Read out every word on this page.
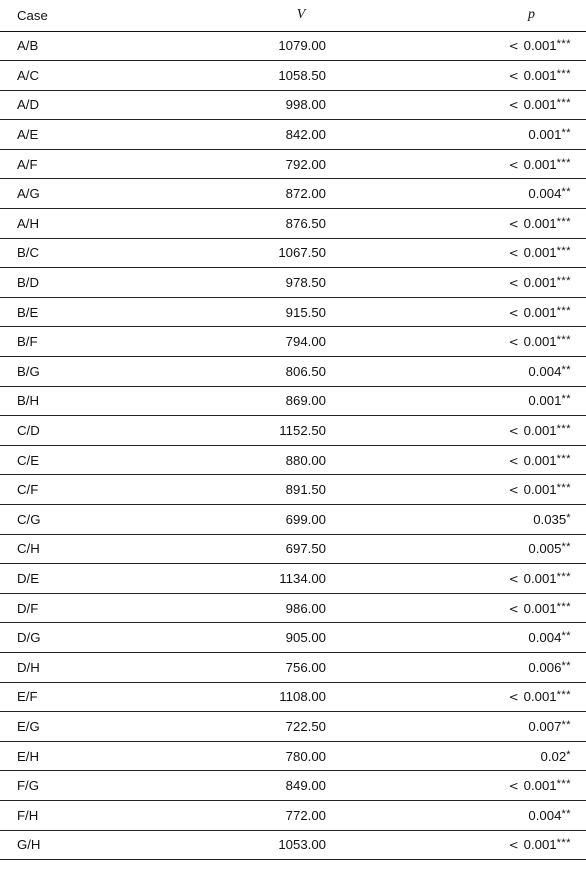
Case	V	p
A/B	1079.00	< 0.001***
A/C	1058.50	< 0.001***
A/D	998.00	< 0.001***
A/E	842.00	0.001**
A/F	792.00	< 0.001***
A/G	872.00	0.004**
A/H	876.50	< 0.001***
B/C	1067.50	< 0.001***
B/D	978.50	< 0.001***
B/E	915.50	< 0.001***
B/F	794.00	< 0.001***
B/G	806.50	0.004**
B/H	869.00	0.001**
C/D	1152.50	< 0.001***
C/E	880.00	< 0.001***
C/F	891.50	< 0.001***
C/G	699.00	0.035*
C/H	697.50	0.005**
D/E	1134.00	< 0.001***
D/F	986.00	< 0.001***
D/G	905.00	0.004**
D/H	756.00	0.006**
E/F	1108.00	< 0.001***
E/G	722.50	0.007**
E/H	780.00	0.02*
F/G	849.00	< 0.001***
F/H	772.00	0.004**
G/H	1053.00	< 0.001***
